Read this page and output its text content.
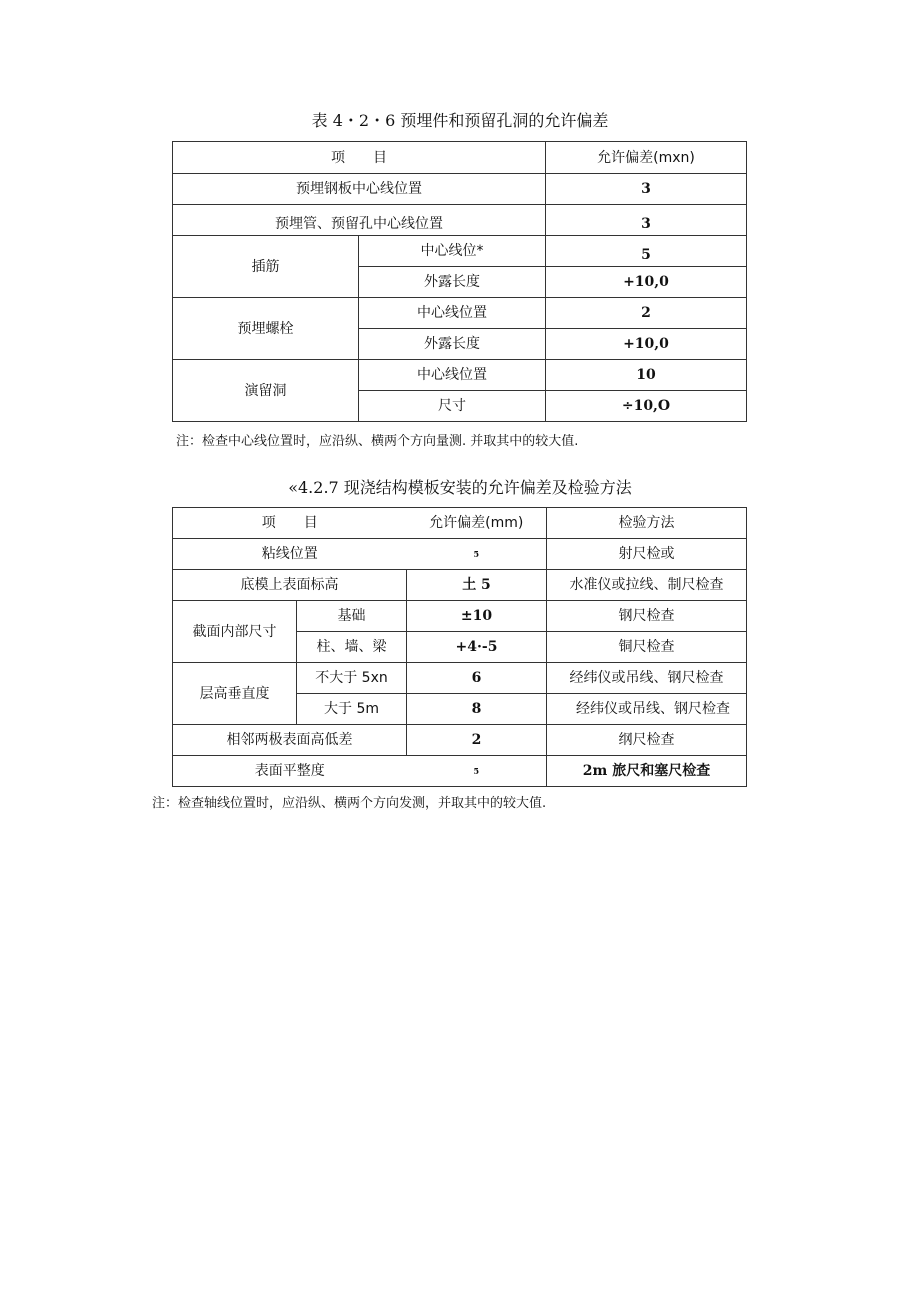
表 4・2・6 预埋件和预留孔洞的允许偏差
项　　目		允许偏差(mxn)
预埋钢板中心线位置		3
预埋管、预留孔中心线位置		3
插筋	中心线位*	5
	外露长度	+10,0
预埋螺栓	中心线位置	2
	外露长度	+10,0
演留洞	中心线位置	10
	尺寸	÷10,O
注：检查中心线位置时，应沿纵、横两个方向量测. 并取其中的较大值.
«4.2.7 现浇结构模板安装的允许偏差及检验方法
项　　目		允许偏差(mm)	检验方法
粘线位置		5	射尺检或
底模上表面标高		土 5	水准仪或拉线、制尺检查
截面内部尺寸	基础	±10	钢尺检查
	柱、墙、梁	+4·-5	铜尺检查
层高垂直度	不大于 5xn	6	经纬仪或吊线、钢尺检查
	大于 5m	8	经纬仪或吊线、钢尺检查
相邻两极表面高低差		2	纲尺检查
表面平整度		5	2m 旅尺和塞尺检查
注：检查轴线位置时，应沿纵、横两个方向发测，并取其中的较大值.
